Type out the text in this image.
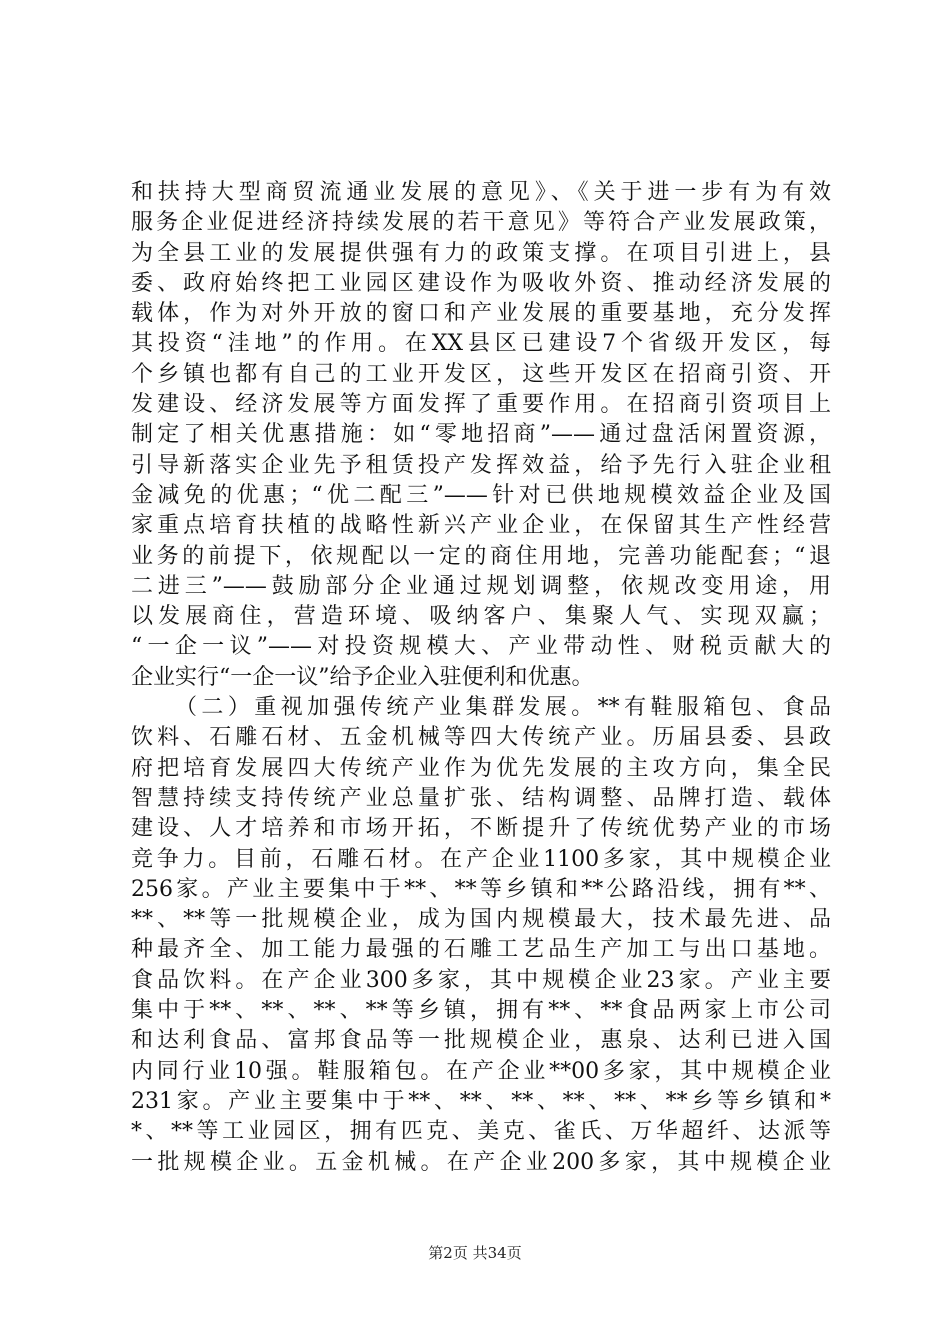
和扶持大型商贸流通业发展的意见》、《关于进一步有为有效
服务企业促进经济持续发展的若干意见》等符合产业发展政策，
为全县工业的发展提供强有力的政策支撑。在项目引进上，县
委、政府始终把工业园区建设作为吸收外资、推动经济发展的
载体，作为对外开放的窗口和产业发展的重要基地，充分发挥
其投资“洼地”的作用。在XX县区已建设7个省级开发区，每
个乡镇也都有自己的工业开发区，这些开发区在招商引资、开
发建设、经济发展等方面发挥了重要作用。在招商引资项目上
制定了相关优惠措施：如“零地招商”——通过盘活闲置资源，
引导新落实企业先予租赁投产发挥效益，给予先行入驻企业租
金减免的优惠；“优二配三”——针对已供地规模效益企业及国
家重点培育扶植的战略性新兴产业企业，在保留其生产性经营
业务的前提下，依规配以一定的商住用地，完善功能配套；“退
二进三”——鼓励部分企业通过规划调整，依规改变用途，用
以发展商住，营造环境、吸纳客户、集聚人气、实现双赢；
“一企一议”——对投资规模大、产业带动性、财税贡献大的
企业实行“一企一议”给予企业入驻便利和优惠。
（二）重视加强传统产业集群发展。**有鞋服箱包、食品
饮料、石雕石材、五金机械等四大传统产业。历届县委、县政
府把培育发展四大传统产业作为优先发展的主攻方向，集全民
智慧持续支持传统产业总量扩张、结构调整、品牌打造、载体
建设、人才培养和市场开拓，不断提升了传统优势产业的市场
竞争力。目前，石雕石材。在产企业1100多家，其中规模企业
256家。产业主要集中于**、**等乡镇和**公路沿线，拥有**、
**、**等一批规模企业，成为国内规模最大，技术最先进、品
种最齐全、加工能力最强的石雕工艺品生产加工与出口基地。
食品饮料。在产企业300多家，其中规模企业23家。产业主要
集中于**、**、**、**等乡镇，拥有**、**食品两家上市公司
和达利食品、富邦食品等一批规模企业，惠泉、达利已进入国
内同行业10强。鞋服箱包。在产企业**00多家，其中规模企业
231家。产业主要集中于**、**、**、**、**、**乡等乡镇和*
*、**等工业园区，拥有匹克、美克、雀氏、万华超纤、达派等
一批规模企业。五金机械。在产企业200多家，其中规模企业
第2页 共34页
